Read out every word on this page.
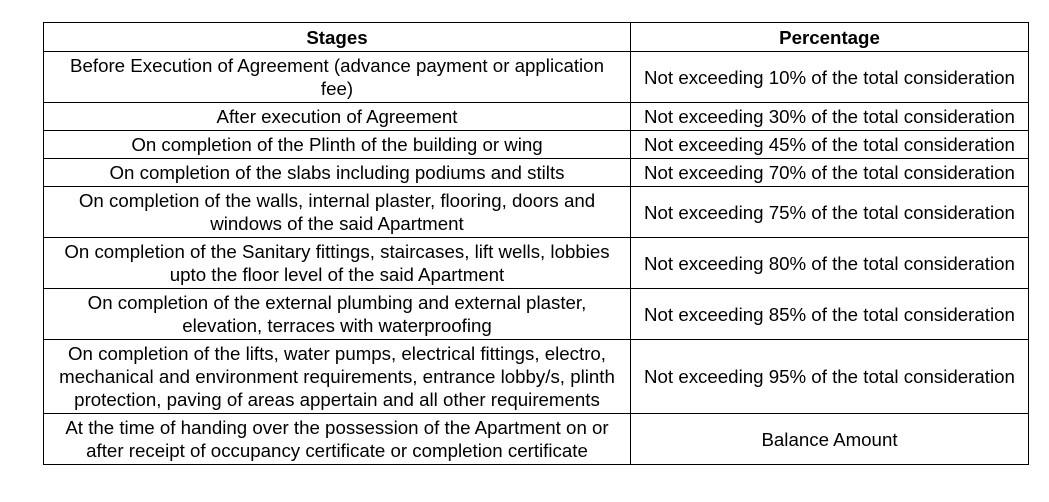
Stages	Percentage
Before Execution of Agreement (advance payment or application fee)	Not exceeding 10% of the total consideration
After execution of Agreement	Not exceeding 30% of the total consideration
On completion of the Plinth of the building or wing	Not exceeding 45% of the total consideration
On completion of the slabs including podiums and stilts	Not exceeding 70% of the total consideration
On completion of the walls, internal plaster, flooring, doors and windows of the said Apartment	Not exceeding 75% of the total consideration
On completion of the Sanitary fittings, staircases, lift wells, lobbies upto the floor level of the said Apartment	Not exceeding 80% of the total consideration
On completion of the external plumbing and external plaster, elevation, terraces with waterproofing	Not exceeding 85% of the total consideration
On completion of the lifts, water pumps, electrical fittings, electro, mechanical and environment requirements, entrance lobby/s, plinth protection, paving of areas appertain and all other requirements	Not exceeding 95% of the total consideration
At the time of handing over the possession of the Apartment on or after receipt of occupancy certificate or completion certificate	Balance Amount
